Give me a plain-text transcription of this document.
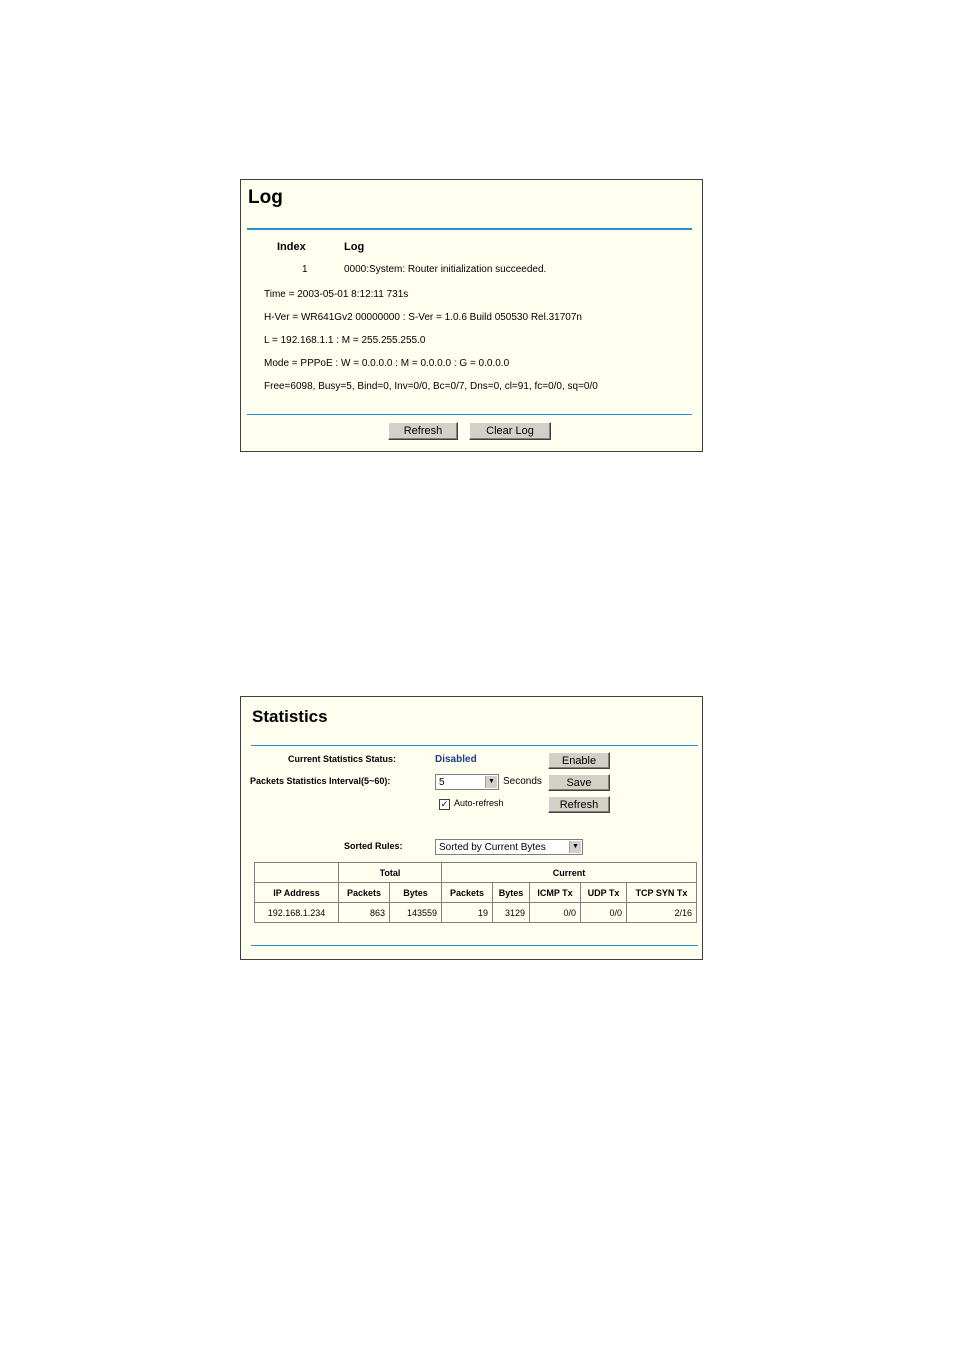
Log
Index	Log
1	0000:System: Router initialization succeeded.
Time = 2003-05-01 8:12:11 731s
H-Ver = WR641Gv2 00000000 : S-Ver = 1.0.6 Build 050530 Rel.31707n
L = 192.168.1.1 : M = 255.255.255.0
Mode = PPPoE : W = 0.0.0.0 : M = 0.0.0.0 : G = 0.0.0.0
Free=6098, Busy=5, Bind=0, Inv=0/0, Bc=0/7, Dns=0, cl=91, fc=0/0, sq=0/0
Refresh	Clear Log
Statistics
Current Statistics Status:	Disabled	Enable
Packets Statistics Interval(5~60):	5	▼ Seconds	Save
✓ Auto-refresh	Refresh
Sorted Rules:	Sorted by Current Bytes	▼
	Total		Current				
IP Address	Packets	Bytes	Packets	Bytes	ICMP Tx	UDP Tx	TCP SYN Tx
192.168.1.234	863	143559	19	3129	0/0	0/0	2/16
